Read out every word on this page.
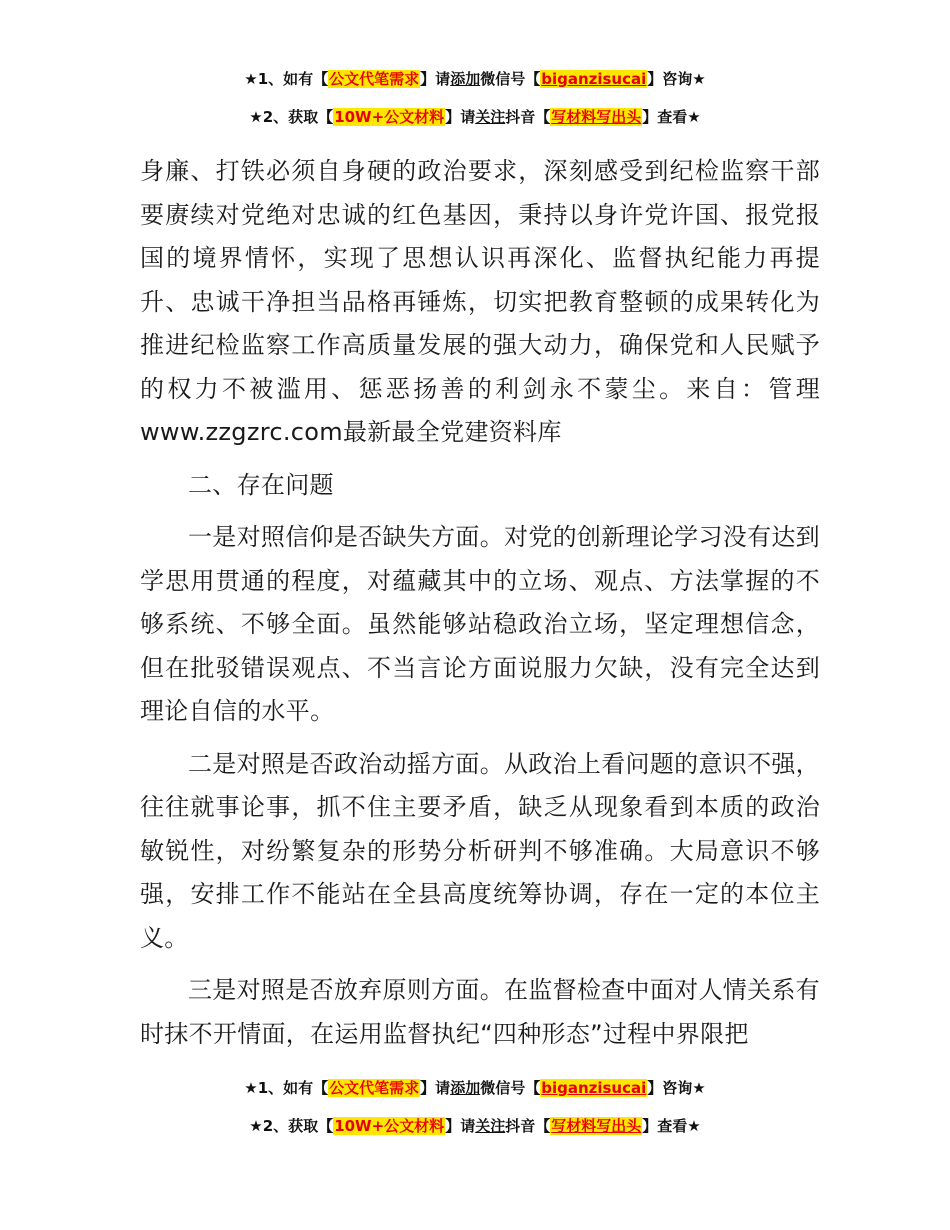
★1、如有【公文代笔需求】请添加微信号【biganzisucai】咨询★
★2、获取【10W+公文材料】请关注抖音【写材料写出头】查看★

身廉、打铁必须自身硬的政治要求，深刻感受到纪检监察干部要赓续对党绝对忠诚的红色基因，秉持以身许党许国、报党报国的境界情怀，实现了思想认识再深化、监督执纪能力再提升、忠诚干净担当品格再锤炼，切实把教育整顿的成果转化为推进纪检监察工作高质量发展的强大动力，确保党和人民赋予的权力不被滥用、惩恶扬善的利剑永不蒙尘。来自：管理www.zzgzrc.com最新最全党建资料库

二、存在问题

一是对照信仰是否缺失方面。对党的创新理论学习没有达到学思用贯通的程度，对蕴藏其中的立场、观点、方法掌握的不够系统、不够全面。虽然能够站稳政治立场，坚定理想信念，但在批驳错误观点、不当言论方面说服力欠缺，没有完全达到理论自信的水平。

二是对照是否政治动摇方面。从政治上看问题的意识不强，往往就事论事，抓不住主要矛盾，缺乏从现象看到本质的政治敏锐性，对纷繁复杂的形势分析研判不够准确。大局意识不够强，安排工作不能站在全县高度统筹协调，存在一定的本位主义。

三是对照是否放弃原则方面。在监督检查中面对人情关系有时抹不开情面，在运用监督执纪“四种形态”过程中界限把

★1、如有【公文代笔需求】请添加微信号【biganzisucai】咨询★
★2、获取【10W+公文材料】请关注抖音【写材料写出头】查看★
